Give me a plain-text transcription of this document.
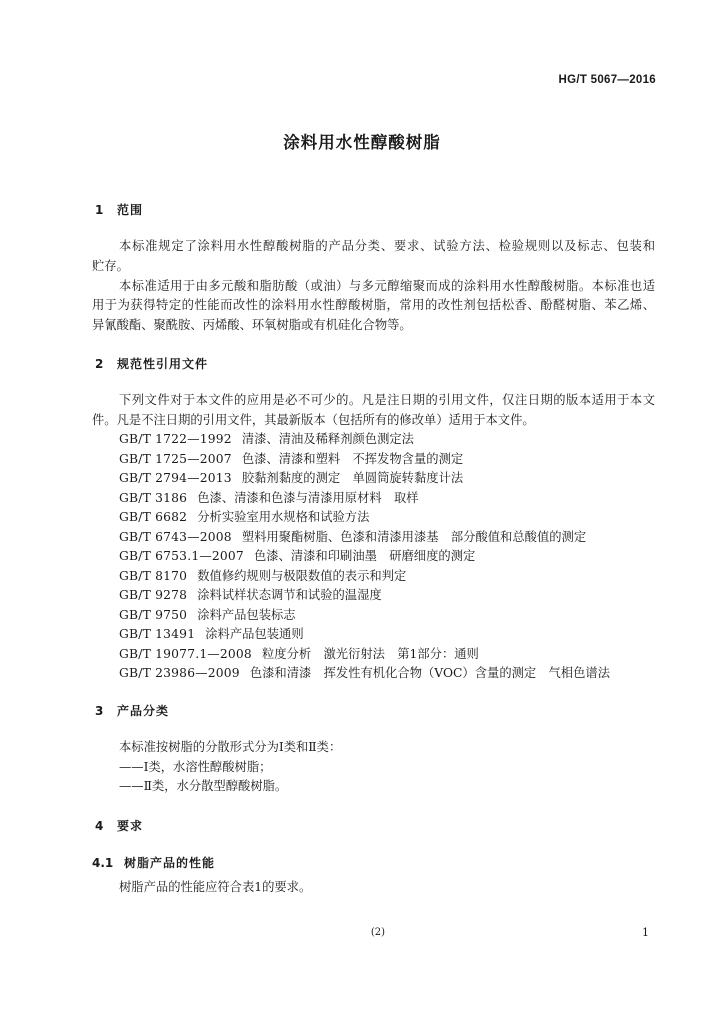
HG/T 5067—2016
涂料用水性醇酸树脂
1 范围
本标准规定了涂料用水性醇酸树脂的产品分类、要求、试验方法、检验规则以及标志、包装和
贮存。
本标准适用于由多元酸和脂肪酸（或油）与多元醇缩聚而成的涂料用水性醇酸树脂。本标准也适
用于为获得特定的性能而改性的涂料用水性醇酸树脂，常用的改性剂包括松香、酚醛树脂、苯乙烯、
异氰酸酯、聚酰胺、丙烯酸、环氧树脂或有机硅化合物等。
2 规范性引用文件
下列文件对于本文件的应用是必不可少的。凡是注日期的引用文件，仅注日期的版本适用于本文
件。凡是不注日期的引用文件，其最新版本（包括所有的修改单）适用于本文件。
GB/T 1722—1992 清漆、清油及稀释剂颜色测定法
GB/T 1725—2007 色漆、清漆和塑料　不挥发物含量的测定
GB/T 2794—2013 胶黏剂黏度的测定　单圆筒旋转黏度计法
GB/T 3186 色漆、清漆和色漆与清漆用原材料　取样
GB/T 6682 分析实验室用水规格和试验方法
GB/T 6743—2008 塑料用聚酯树脂、色漆和清漆用漆基　部分酸值和总酸值的测定
GB/T 6753.1—2007 色漆、清漆和印刷油墨　研磨细度的测定
GB/T 8170 数值修约规则与极限数值的表示和判定
GB/T 9278 涂料试样状态调节和试验的温湿度
GB/T 9750 涂料产品包装标志
GB/T 13491 涂料产品包装通则
GB/T 19077.1—2008 粒度分析　激光衍射法　第1部分：通则
GB/T 23986—2009 色漆和清漆　挥发性有机化合物（VOC）含量的测定　气相色谱法
3 产品分类
本标准按树脂的分散形式分为Ⅰ类和Ⅱ类：
——Ⅰ类，水溶性醇酸树脂；
——Ⅱ类，水分散型醇酸树脂。
4 要求
4.1 树脂产品的性能
树脂产品的性能应符合表1的要求。
(2)	1
